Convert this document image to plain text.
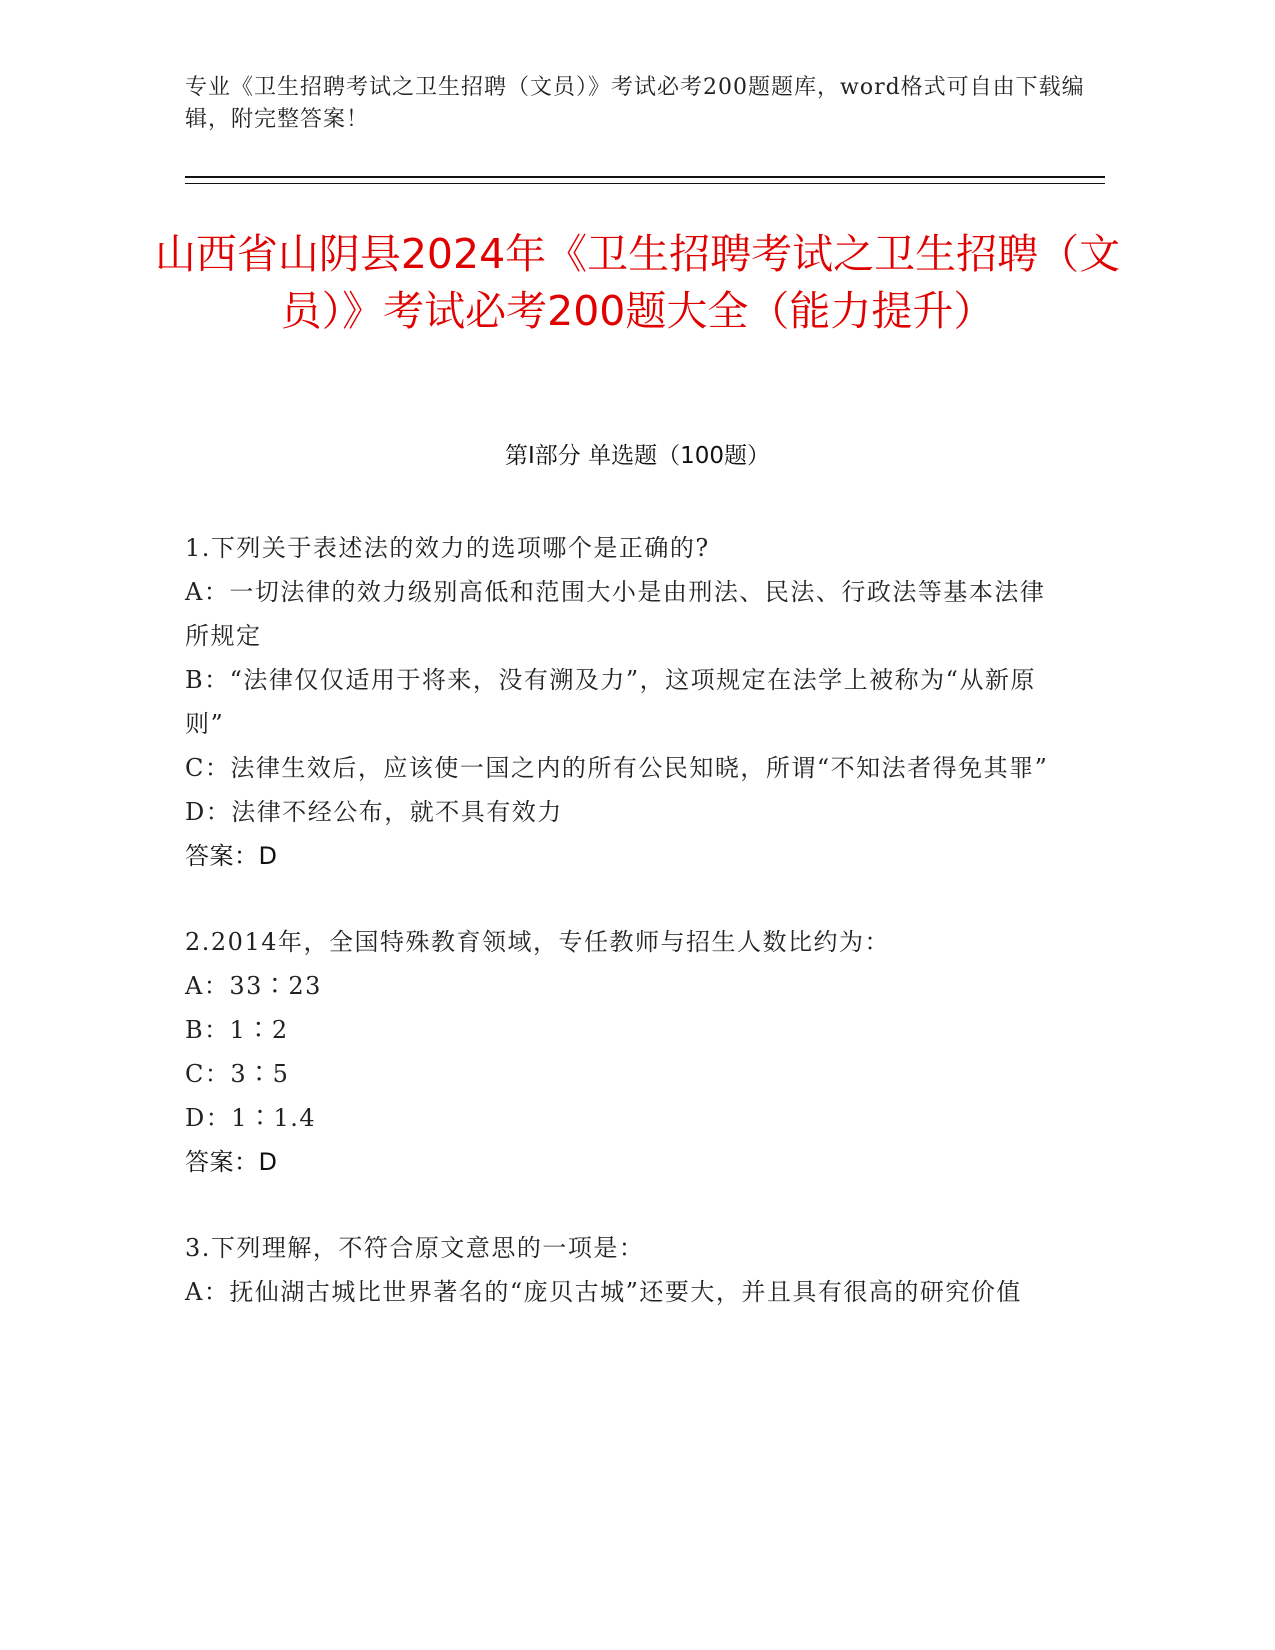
专业《卫生招聘考试之卫生招聘（文员）》考试必考200题题库，word格式可自由下载编辑，附完整答案！
山西省山阴县2024年《卫生招聘考试之卫生招聘（文员）》考试必考200题大全（能力提升）
第Ⅰ部分 单选题（100题）
1.下列关于表述法的效力的选项哪个是正确的?
A：一切法律的效力级别高低和范围大小是由刑法、民法、行政法等基本法律所规定
B：“法律仅仅适用于将来，没有溯及力”，这项规定在法学上被称为“从新原则”
C：法律生效后，应该使一国之内的所有公民知晓，所谓“不知法者得免其罪”
D：法律不经公布，就不具有效力
答案：D
2.2014年，全国特殊教育领域，专任教师与招生人数比约为：
A：33∶23
B：1∶2
C：3∶5
D：1∶1.4
答案：D
3.下列理解，不符合原文意思的一项是：
A：抚仙湖古城比世界著名的“庞贝古城”还要大，并且具有很高的研究价值
